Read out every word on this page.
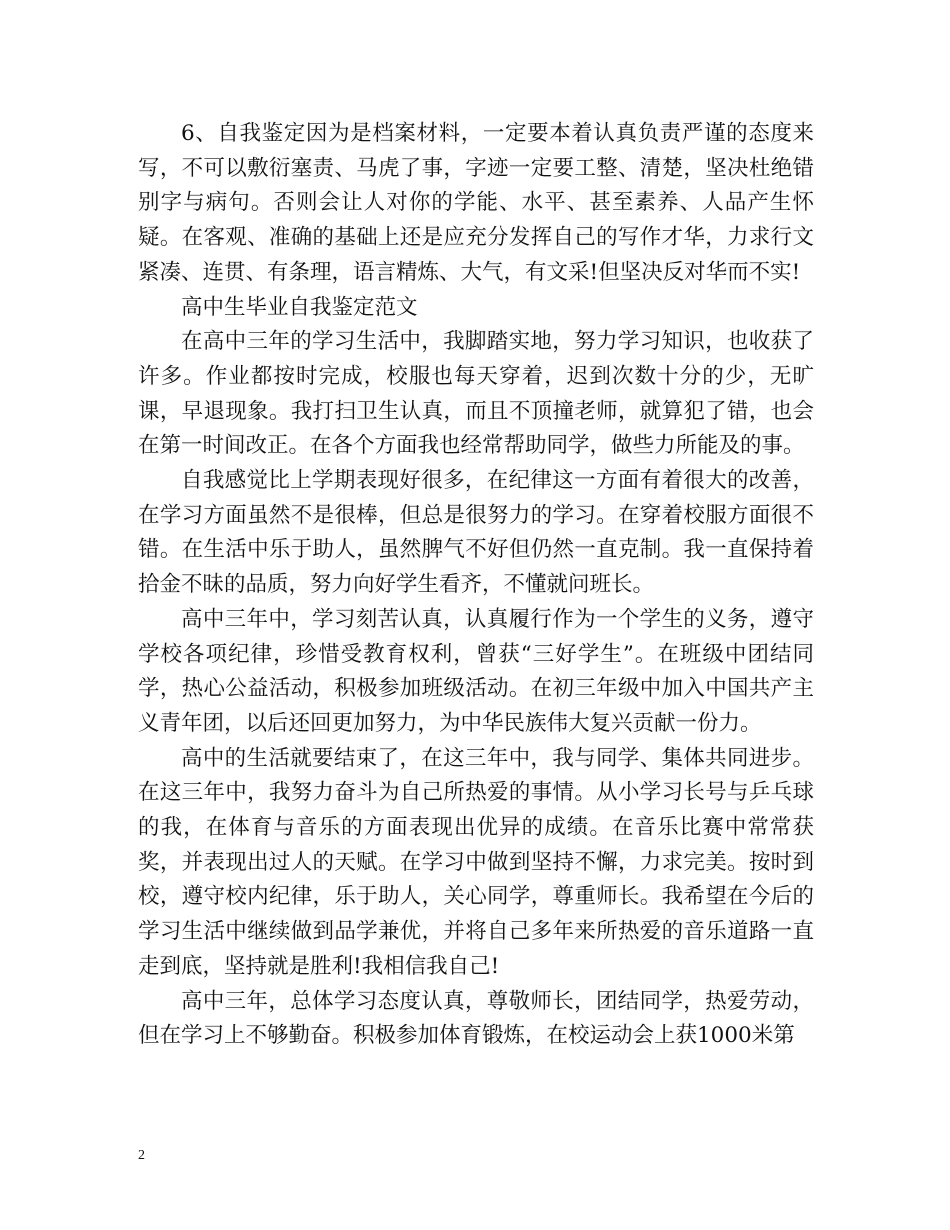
6、自我鉴定因为是档案材料，一定要本着认真负责严谨的态度来写，不可以敷衍塞责、马虎了事，字迹一定要工整、清楚，坚决杜绝错别字与病句。否则会让人对你的学能、水平、甚至素养、人品产生怀疑。在客观、准确的基础上还是应充分发挥自己的写作才华，力求行文紧凑、连贯、有条理，语言精炼、大气，有文采!但坚决反对华而不实!

高中生毕业自我鉴定范文

在高中三年的学习生活中，我脚踏实地，努力学习知识，也收获了许多。作业都按时完成，校服也每天穿着，迟到次数十分的少，无旷课，早退现象。我打扫卫生认真，而且不顶撞老师，就算犯了错，也会在第一时间改正。在各个方面我也经常帮助同学，做些力所能及的事。

自我感觉比上学期表现好很多，在纪律这一方面有着很大的改善，在学习方面虽然不是很棒，但总是很努力的学习。在穿着校服方面很不错。在生活中乐于助人，虽然脾气不好但仍然一直克制。我一直保持着拾金不昧的品质，努力向好学生看齐，不懂就问班长。

高中三年中，学习刻苦认真，认真履行作为一个学生的义务，遵守学校各项纪律，珍惜受教育权利，曾获“三好学生”。在班级中团结同学，热心公益活动，积极参加班级活动。在初三年级中加入中国共产主义青年团，以后还回更加努力，为中华民族伟大复兴贡献一份力。

高中的生活就要结束了，在这三年中，我与同学、集体共同进步。在这三年中，我努力奋斗为自己所热爱的事情。从小学习长号与乒乓球的我，在体育与音乐的方面表现出优异的成绩。在音乐比赛中常常获奖，并表现出过人的天赋。在学习中做到坚持不懈，力求完美。按时到校，遵守校内纪律，乐于助人，关心同学，尊重师长。我希望在今后的学习生活中继续做到品学兼优，并将自己多年来所热爱的音乐道路一直走到底，坚持就是胜利!我相信我自己!

高中三年，总体学习态度认真，尊敬师长，团结同学，热爱劳动，但在学习上不够勤奋。积极参加体育锻炼，在校运动会上获1000米第

2
